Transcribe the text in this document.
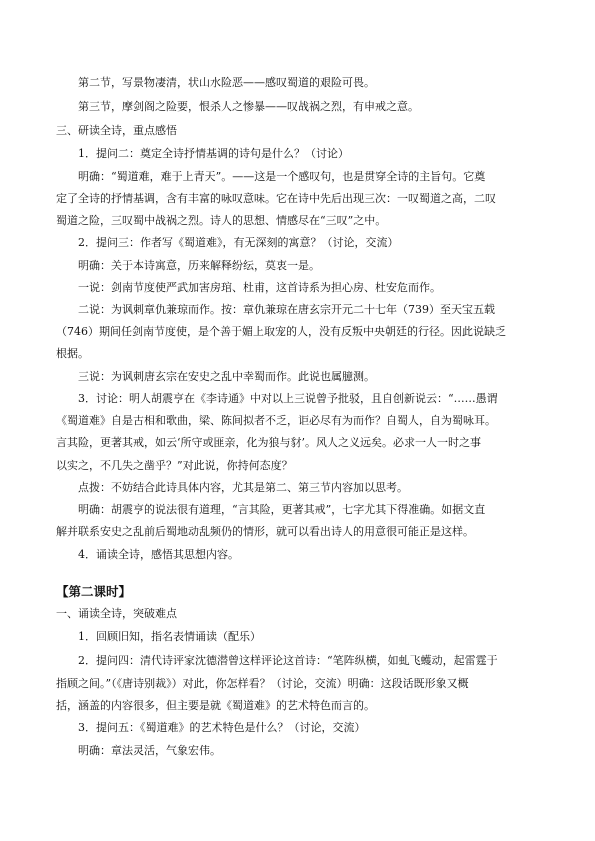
第二节，写景物凄清，状山水险恶——感叹蜀道的艰险可畏。
第三节，摩剑阁之险要，恨杀人之惨暴——叹战祸之烈，有申戒之意。
三、研读全诗，重点感悟
1．提问二：奠定全诗抒情基调的诗句是什么？（讨论）
明确：“蜀道难，难于上青天”。——这是一个感叹句，也是贯穿全诗的主旨句。它奠
定了全诗的抒情基调，含有丰富的咏叹意味。它在诗中先后出现三次：一叹蜀道之高，二叹
蜀道之险，三叹蜀中战祸之烈。诗人的思想、情感尽在“三叹”之中。
2．提问三：作者写《蜀道难》，有无深刻的寓意？（讨论，交流）
明确：关于本诗寓意，历来解释纷纭，莫衷一是。
一说：剑南节度使严武加害房琯、杜甫，这首诗系为担心房、杜安危而作。
二说：为讽刺章仇兼琼而作。按：章仇兼琼在唐玄宗开元二十七年（739）至天宝五载
（746）期间任剑南节度使，是个善于媚上取宠的人，没有反叛中央朝廷的行径。因此说缺乏
根据。
三说：为讽刺唐玄宗在安史之乱中幸蜀而作。此说也属臆测。
3．讨论：明人胡震亨在《李诗通》中对以上三说曾予批驳，且自创新说云：“……愚谓
《蜀道难》自是古相和歌曲，梁、陈间拟者不乏，讵必尽有为而作？自蜀人，自为蜀咏耳。
言其险，更著其戒，如云‘所守或匪亲，化为狼与豺’。风人之义远矣。必求一人一时之事
以实之，不几失之凿乎？”对此说，你持何态度？
点拨：不妨结合此诗具体内容，尤其是第二、第三节内容加以思考。
明确：胡震亨的说法很有道理，“言其险，更著其戒”，七字尤其下得准确。如据文直
解并联系安史之乱前后蜀地动乱频仍的情形，就可以看出诗人的用意很可能正是这样。
4．诵读全诗，感悟其思想内容。
【第二课时】
一、诵读全诗，突破难点
1．回顾旧知，指名表情诵读（配乐）
2．提问四：清代诗评家沈德潜曾这样评论这首诗：“笔阵纵横，如虬飞蠖动，起雷霆于
指顾之间。”（《唐诗别裁》）对此，你怎样看？（讨论，交流）明确：这段话既形象又概
括，涵盖的内容很多，但主要是就《蜀道难》的艺术特色而言的。
3．提问五：《蜀道难》的艺术特色是什么？（讨论，交流）
明确：章法灵活，气象宏伟。
